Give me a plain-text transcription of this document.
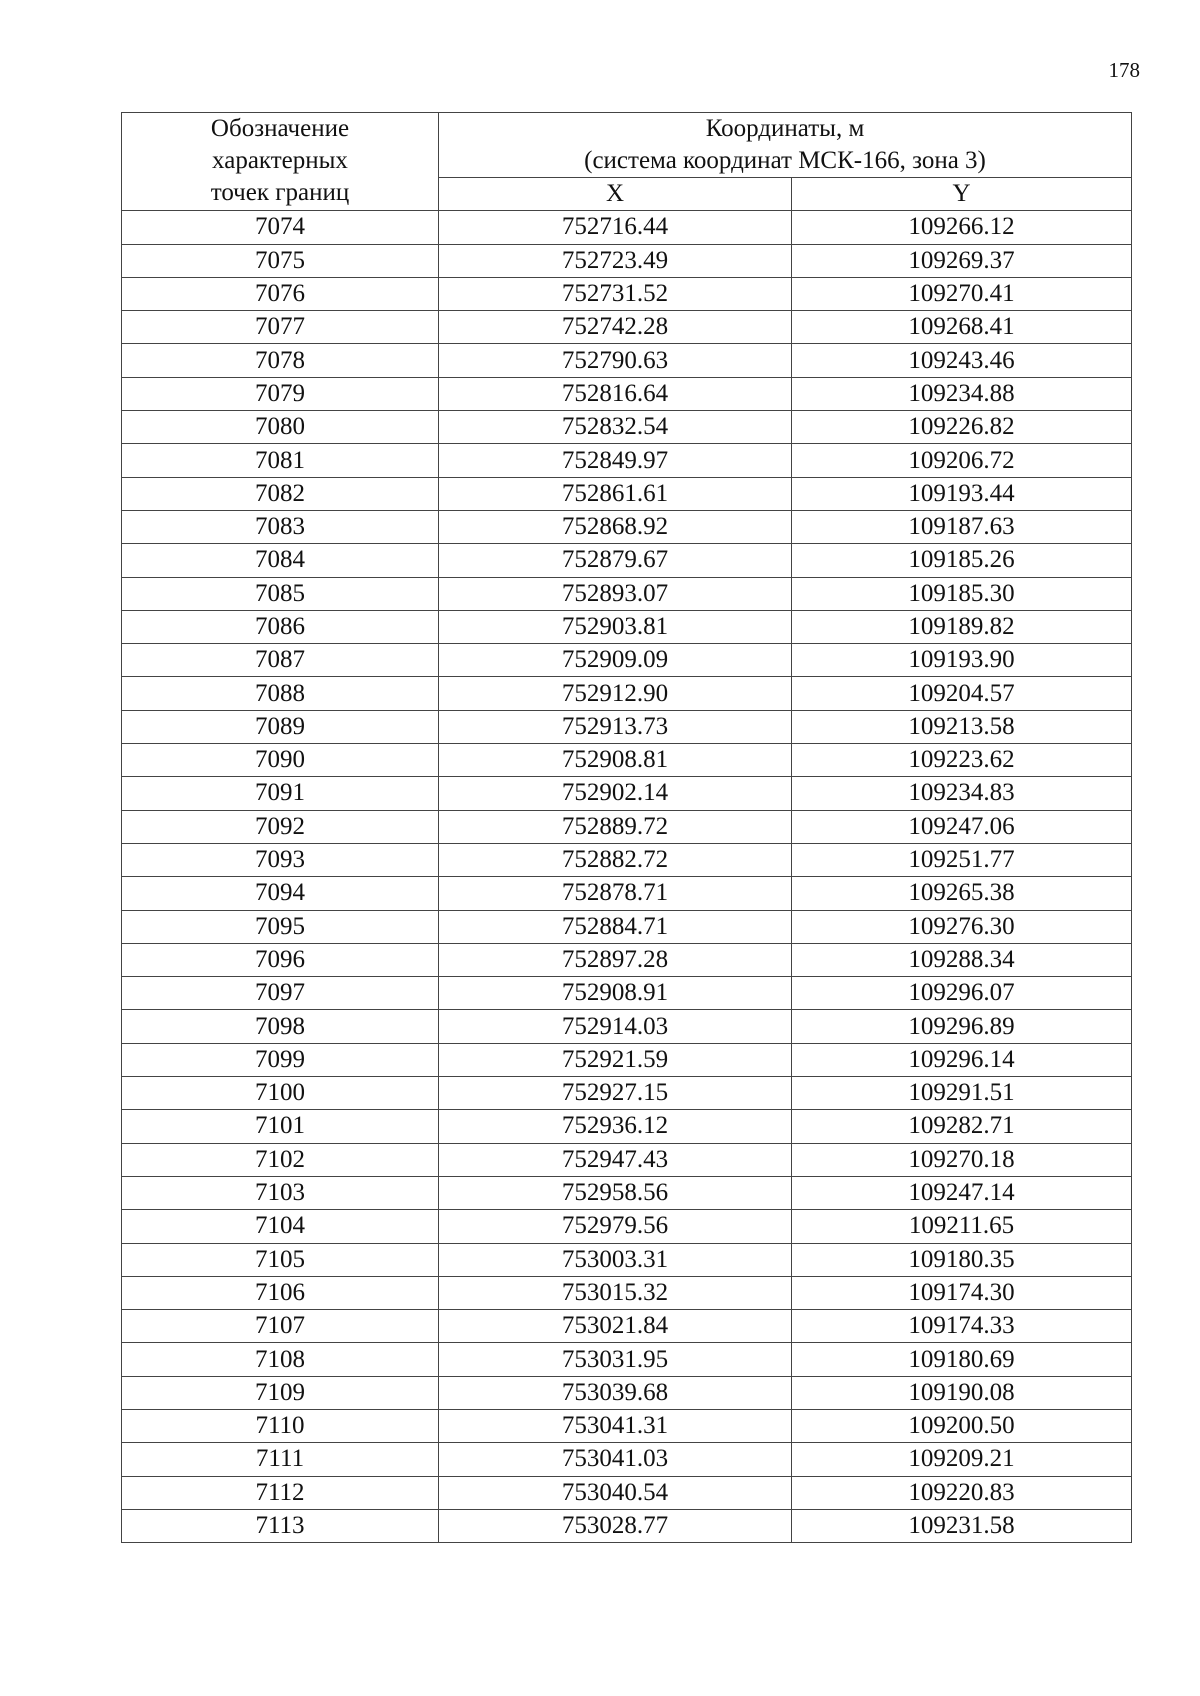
178
Обозначение
характерных
точек границ	Координаты, м
(система координат МСК-166, зона 3)	

	X	Y
7074	752716.44	109266.12
7075	752723.49	109269.37
7076	752731.52	109270.41
7077	752742.28	109268.41
7078	752790.63	109243.46
7079	752816.64	109234.88
7080	752832.54	109226.82
7081	752849.97	109206.72
7082	752861.61	109193.44
7083	752868.92	109187.63
7084	752879.67	109185.26
7085	752893.07	109185.30
7086	752903.81	109189.82
7087	752909.09	109193.90
7088	752912.90	109204.57
7089	752913.73	109213.58
7090	752908.81	109223.62
7091	752902.14	109234.83
7092	752889.72	109247.06
7093	752882.72	109251.77
7094	752878.71	109265.38
7095	752884.71	109276.30
7096	752897.28	109288.34
7097	752908.91	109296.07
7098	752914.03	109296.89
7099	752921.59	109296.14
7100	752927.15	109291.51
7101	752936.12	109282.71
7102	752947.43	109270.18
7103	752958.56	109247.14
7104	752979.56	109211.65
7105	753003.31	109180.35
7106	753015.32	109174.30
7107	753021.84	109174.33
7108	753031.95	109180.69
7109	753039.68	109190.08
7110	753041.31	109200.50
7111	753041.03	109209.21
7112	753040.54	109220.83
7113	753028.77	109231.58
